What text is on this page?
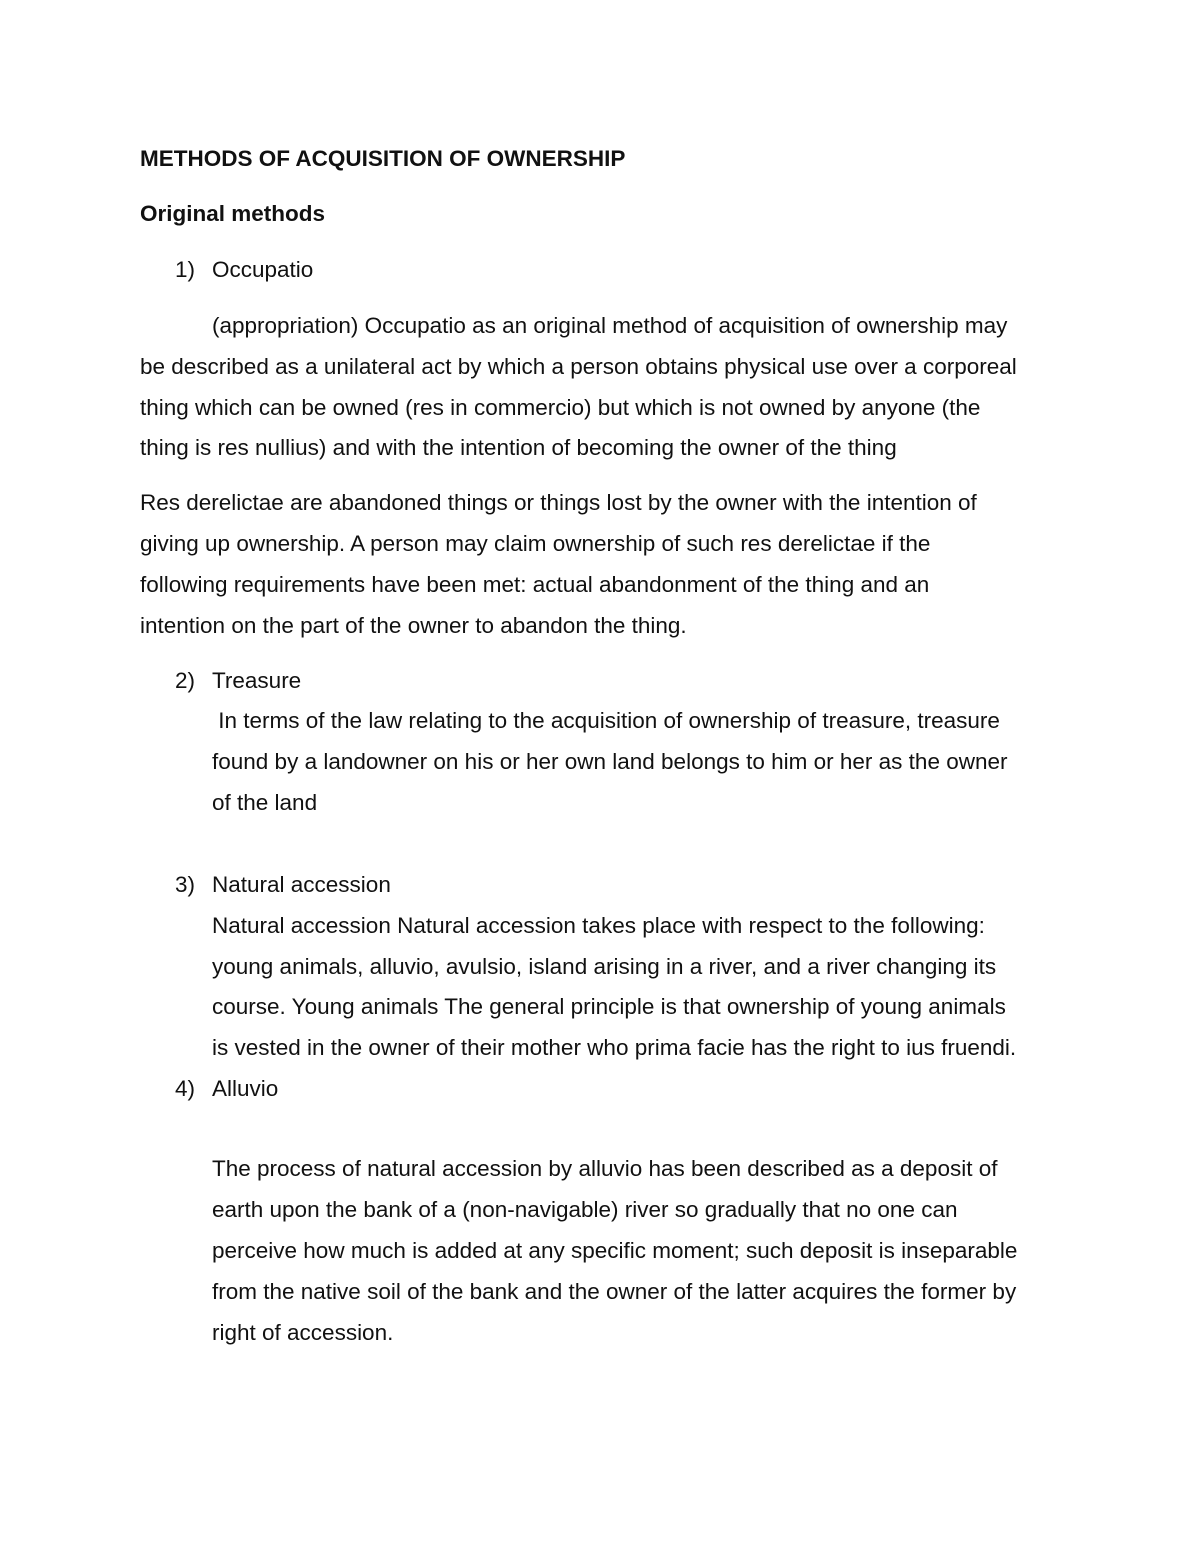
METHODS OF ACQUISITION OF OWNERSHIP
Original methods
1) Occupatio
(appropriation) Occupatio as an original method of acquisition of ownership may
be described as a unilateral act by which a person obtains physical use over a corporeal
thing which can be owned (res in commercio) but which is not owned by anyone (the
thing is res nullius) and with the intention of becoming the owner of the thing
Res derelictae are abandoned things or things lost by the owner with the intention of
giving up ownership. A person may claim ownership of such res derelictae if the
following requirements have been met: actual abandonment of the thing and an
intention on the part of the owner to abandon the thing.
2) Treasure
In terms of the law relating to the acquisition of ownership of treasure, treasure
found by a landowner on his or her own land belongs to him or her as the owner
of the land
3) Natural accession
Natural accession Natural accession takes place with respect to the following:
young animals, alluvio, avulsio, island arising in a river, and a river changing its
course. Young animals The general principle is that ownership of young animals
is vested in the owner of their mother who prima facie has the right to ius fruendi.
4) Alluvio
The process of natural accession by alluvio has been described as a deposit of
earth upon the bank of a (non-navigable) river so gradually that no one can
perceive how much is added at any specific moment; such deposit is inseparable
from the native soil of the bank and the owner of the latter acquires the former by
right of accession.
